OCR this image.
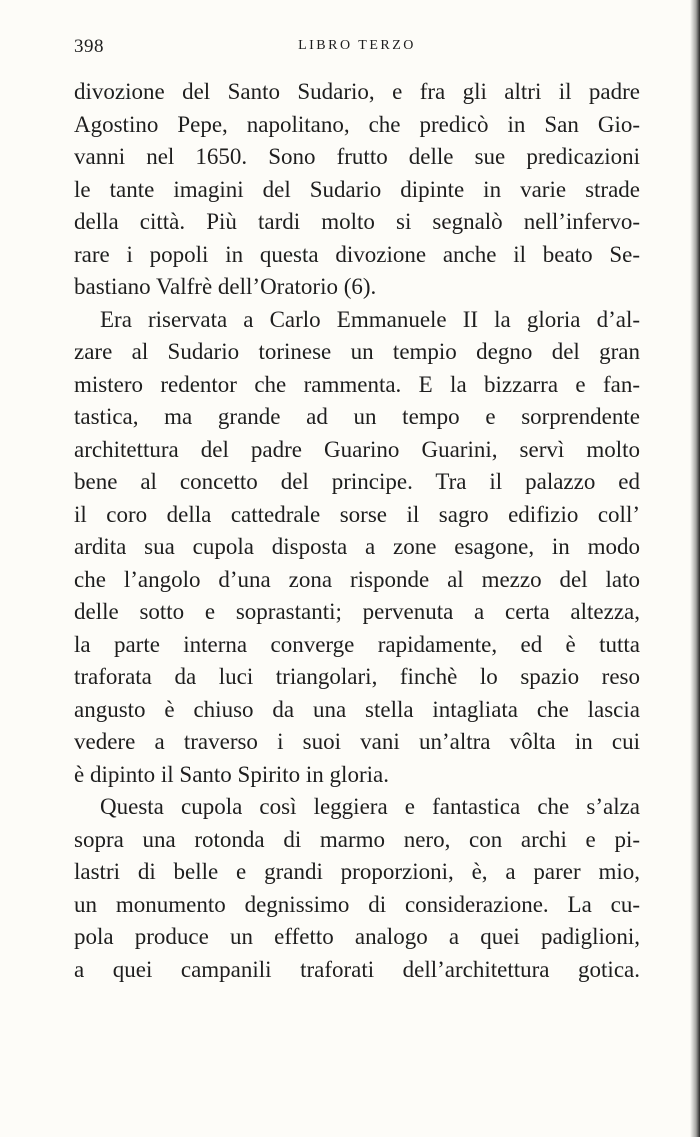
398	LIBRO TERZO
divozione del Santo Sudario, e fra gli altri il padre
Agostino Pepe, napolitano, che predicò in San Gio-
vanni nel 1650. Sono frutto delle sue predicazioni
le tante imagini del Sudario dipinte in varie strade
della città. Più tardi molto si segnalò nell’infervo-
rare i popoli in questa divozione anche il beato Se-
bastiano Valfrè dell’Oratorio (6).
Era riservata a Carlo Emmanuele II la gloria d’al-
zare al Sudario torinese un tempio degno del gran
mistero redentor che rammenta. E la bizzarra e fan-
tastica, ma grande ad un tempo e sorprendente
architettura del padre Guarino Guarini, servì molto
bene al concetto del principe. Tra il palazzo ed
il coro della cattedrale sorse il sagro edifizio coll’
ardita sua cupola disposta a zone esagone, in modo
che l’angolo d’una zona risponde al mezzo del lato
delle sotto e soprastanti; pervenuta a certa altezza,
la parte interna converge rapidamente, ed è tutta
traforata da luci triangolari, finchè lo spazio reso
angusto è chiuso da una stella intagliata che lascia
vedere a traverso i suoi vani un’altra vôlta in cui
è dipinto il Santo Spirito in gloria.
Questa cupola così leggiera e fantastica che s’alza
sopra una rotonda di marmo nero, con archi e pi-
lastri di belle e grandi proporzioni, è, a parer mio,
un monumento degnissimo di considerazione. La cu-
pola produce un effetto analogo a quei padiglioni,
a quei campanili traforati dell’architettura gotica.
